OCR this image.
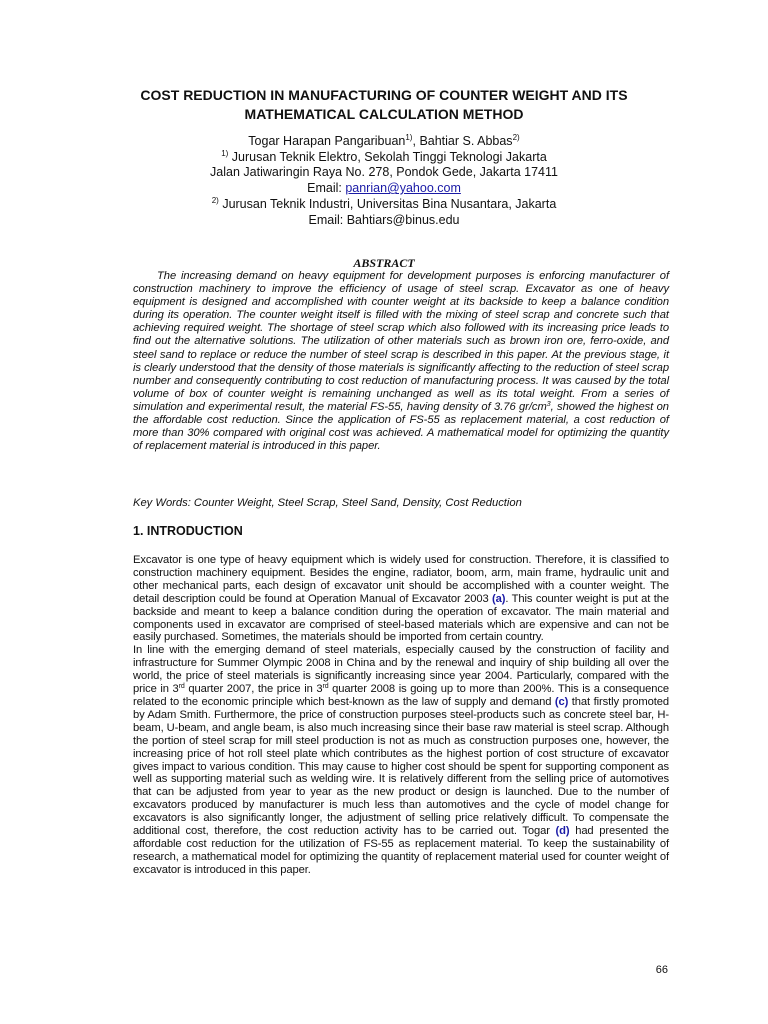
COST REDUCTION IN MANUFACTURING OF COUNTER WEIGHT AND ITS
MATHEMATICAL CALCULATION METHOD
Togar Harapan Pangaribuan$^{1)}$, Bahtiar S. Abbas$^{2)}$
$^{1)}$ Jurusan Teknik Elektro, Sekolah Tinggi Teknologi Jakarta
Jalan Jatiwaringin Raya No. 278, Pondok Gede, Jakarta 17411
Email: panrian@yahoo.com
$^{2)}$ Jurusan Teknik Industri, Universitas Bina Nusantara, Jakarta
Email: Bahtiars@binus.edu
ABSTRACT

The increasing demand on heavy equipment for development purposes is enforcing manufacturer of construction machinery to improve the efficiency of usage of steel scrap. Excavator as one of heavy equipment is designed and accomplished with counter weight at its backside to keep a balance condition during its operation. The counter weight itself is filled with the mixing of steel scrap and concrete such that achieving required weight. The shortage of steel scrap which also followed with its increasing price leads to find out the alternative solutions. The utilization of other materials such as brown iron ore, ferro-oxide, and steel sand to replace or reduce the number of steel scrap is described in this paper. At the previous stage, it is clearly understood that the density of those materials is significantly affecting to the reduction of steel scrap number and consequently contributing to cost reduction of manufacturing process. It was caused by the total volume of box of counter weight is remaining unchanged as well as its total weight. From a series of simulation and experimental result, the material FS-55, having density of 3.76 $gr/cm^3$, showed the highest on the affordable cost reduction. Since the application of FS-55 as replacement material, a cost reduction of more than 30% compared with original cost was achieved. A mathematical model for optimizing the quantity of replacement material is introduced in this paper.

Key Words: Counter Weight, Steel Scrap, Steel Sand, Density, Cost Reduction
1. INTRODUCTION

Excavator is one type of heavy equipment which is widely used for construction. Therefore, it is classified to construction machinery equipment. Besides the engine, radiator, boom, arm, main frame, hydraulic unit and other mechanical parts, each design of excavator unit should be accomplished with a counter weight. The detail description could be found at Operation Manual of Excavator 2003 (a). This counter weight is put at the backside and meant to keep a balance condition during the operation of excavator. The main material and components used in excavator are comprised of steel-based materials which are expensive and can not be easily purchased. Sometimes, the materials should be imported from certain country.

In line with the emerging demand of steel materials, especially caused by the construction of facility and infrastructure for Summer Olympic 2008 in China and by the renewal and inquiry of ship building all over the world, the price of steel materials is significantly increasing since year 2004. Particularly, compared with the price in 3rd quarter 2007, the price in 3rd quarter 2008 is going up to more than 200%. This is a consequence related to the economic principle which best-known as the law of supply and demand (c) that firstly promoted by Adam Smith. Furthermore, the price of construction purposes steel-products such as concrete steel bar, H-beam, U-beam, and angle beam, is also much increasing since their base raw material is steel scrap. Although the portion of steel scrap for mill steel production is not as much as construction purposes one, however, the increasing price of hot roll steel plate which contributes as the highest portion of cost structure of excavator gives impact to various condition. This may cause to higher cost should be spent for supporting component as well as supporting material such as welding wire. It is relatively different from the selling price of automotives that can be adjusted from year to year as the new product or design is launched. Due to the number of excavators produced by manufacturer is much less than automotives and the cycle of model change for excavators is also significantly longer, the adjustment of selling price relatively difficult. To compensate the additional cost, therefore, the cost reduction activity has to be carried out. Togar (d) had presented the affordable cost reduction for the utilization of FS-55 as replacement material. To keep the sustainability of research, a mathematical model for optimizing the quantity of replacement material used for counter weight of excavator is introduced in this paper.

66
